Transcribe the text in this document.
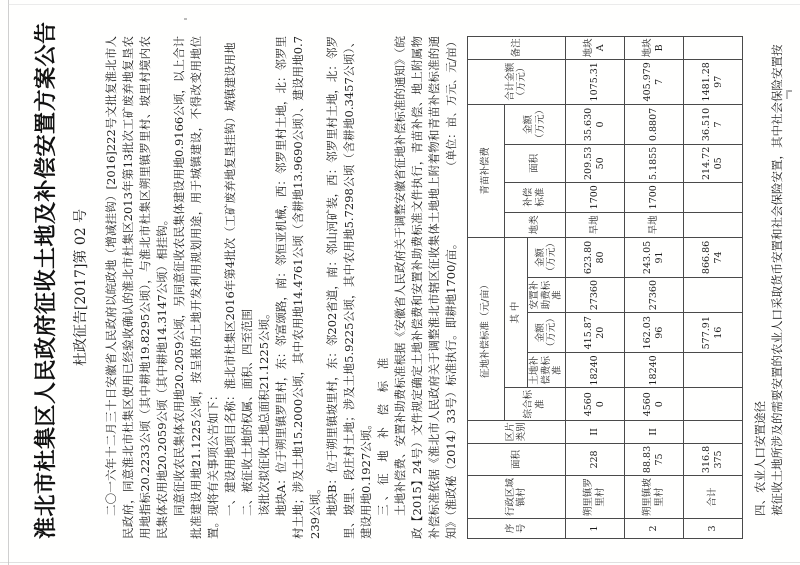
淮北市杜集区人民政府征收土地及补偿安置方案公告 杜政征告[2017]第 02 号 二〇一六年十二月三十日安徽省人民政府以皖政地（增减挂钩）[2016]222号文批复淮北市人民政府，同意淮北市杜集区使用已经验收确认的淮北市杜集区2013年第13批次工矿废弃地复垦农用地指标20.2233公顷（其中耕地19.8295公顷），与淮北市杜集区朔里镇罗里村、坡里村境内农民集体农用地20.2059公顷（其中耕地14.3147公顷）相挂钩。 同意征收农民集体农用地20.2059公顷，另同意征收农民集体建设用地0.9166公顷，以上合计批准建设用地21.1225公顷，按呈报的土地开发利用规划用途，用于城镇建设，不得改变用地位置。现将有关事项公告如下： 一、建设用地项目名称：淮北市杜集区2016年第4批次（工矿废弃地复垦挂钩）城镇建设用地 二、被征收土地的权属、面积、四至范围 该批次拟征收土地总面积21.1225公顷。 地块A：位于朔里镇罗里村，东：邻富颂路，南：邻恒亚机械，西：邻罗里村土地，北：邻罗里村土地；涉及土地15.2000公顷，其中农用地14.4761公顷（含耕地13.9690公顷）、建设用地0.7239公顷。 地块B：位于朔里镇坡里村，东：邻202省道，南：邻山河矿装，西：邻罗里村土地，北：邻罗里、坡里、段庄村土地；涉及土地5.9225公顷，其中农用地5.7298公顷（含耕地0.3457公顷）、建设用地0.1927公顷。 三、征 地 补 偿 标 准 土地补偿费、安置补助费标准根据《安徽省人民政府关于调整安徽省征地补偿标准的通知》（皖政【2015】24号）文件规定确定土地补偿费和安置补助费标准文件执行，青苗补偿、地上附属物补偿标准依据《淮北市人民政府关于调整淮北市辖区征收集体土地地上附着物和青苗补偿标准的通知》（淮政秘（2014）33号）标准执行。即耕地1700/亩。

（单位：亩、万元、元/亩）
序号	行政区域镇村	面积	区片类别	征地补偿标准（元/亩）					青苗补偿费				合计金额（万元）	备注
				综合标准	其 中				地类	补偿标准	面积	金额（万元）		
					土地补偿费标准	金额（万元）	安置补助费标准	金额（万元）						
1	朔里镇罗里村	228	II	45600	18240	415.8720	27360	623.8080	旱地	1700	209.5350	35.6300	1075.31	地块A
2	朔里镇坡里村	88.8375	II	45600	18240	162.0396	27360	243.0591	旱地	1700	5.1855	0.8807	405.9797	地块B
3	合计	316.8375				577.9116		866.8674			214.7205	36.5107	1481.2897	

四、农业人口安置途径 被征收土地所涉及的需要安置的农业人口采取货币安置和社会保险安置，其中社会保险安置按
